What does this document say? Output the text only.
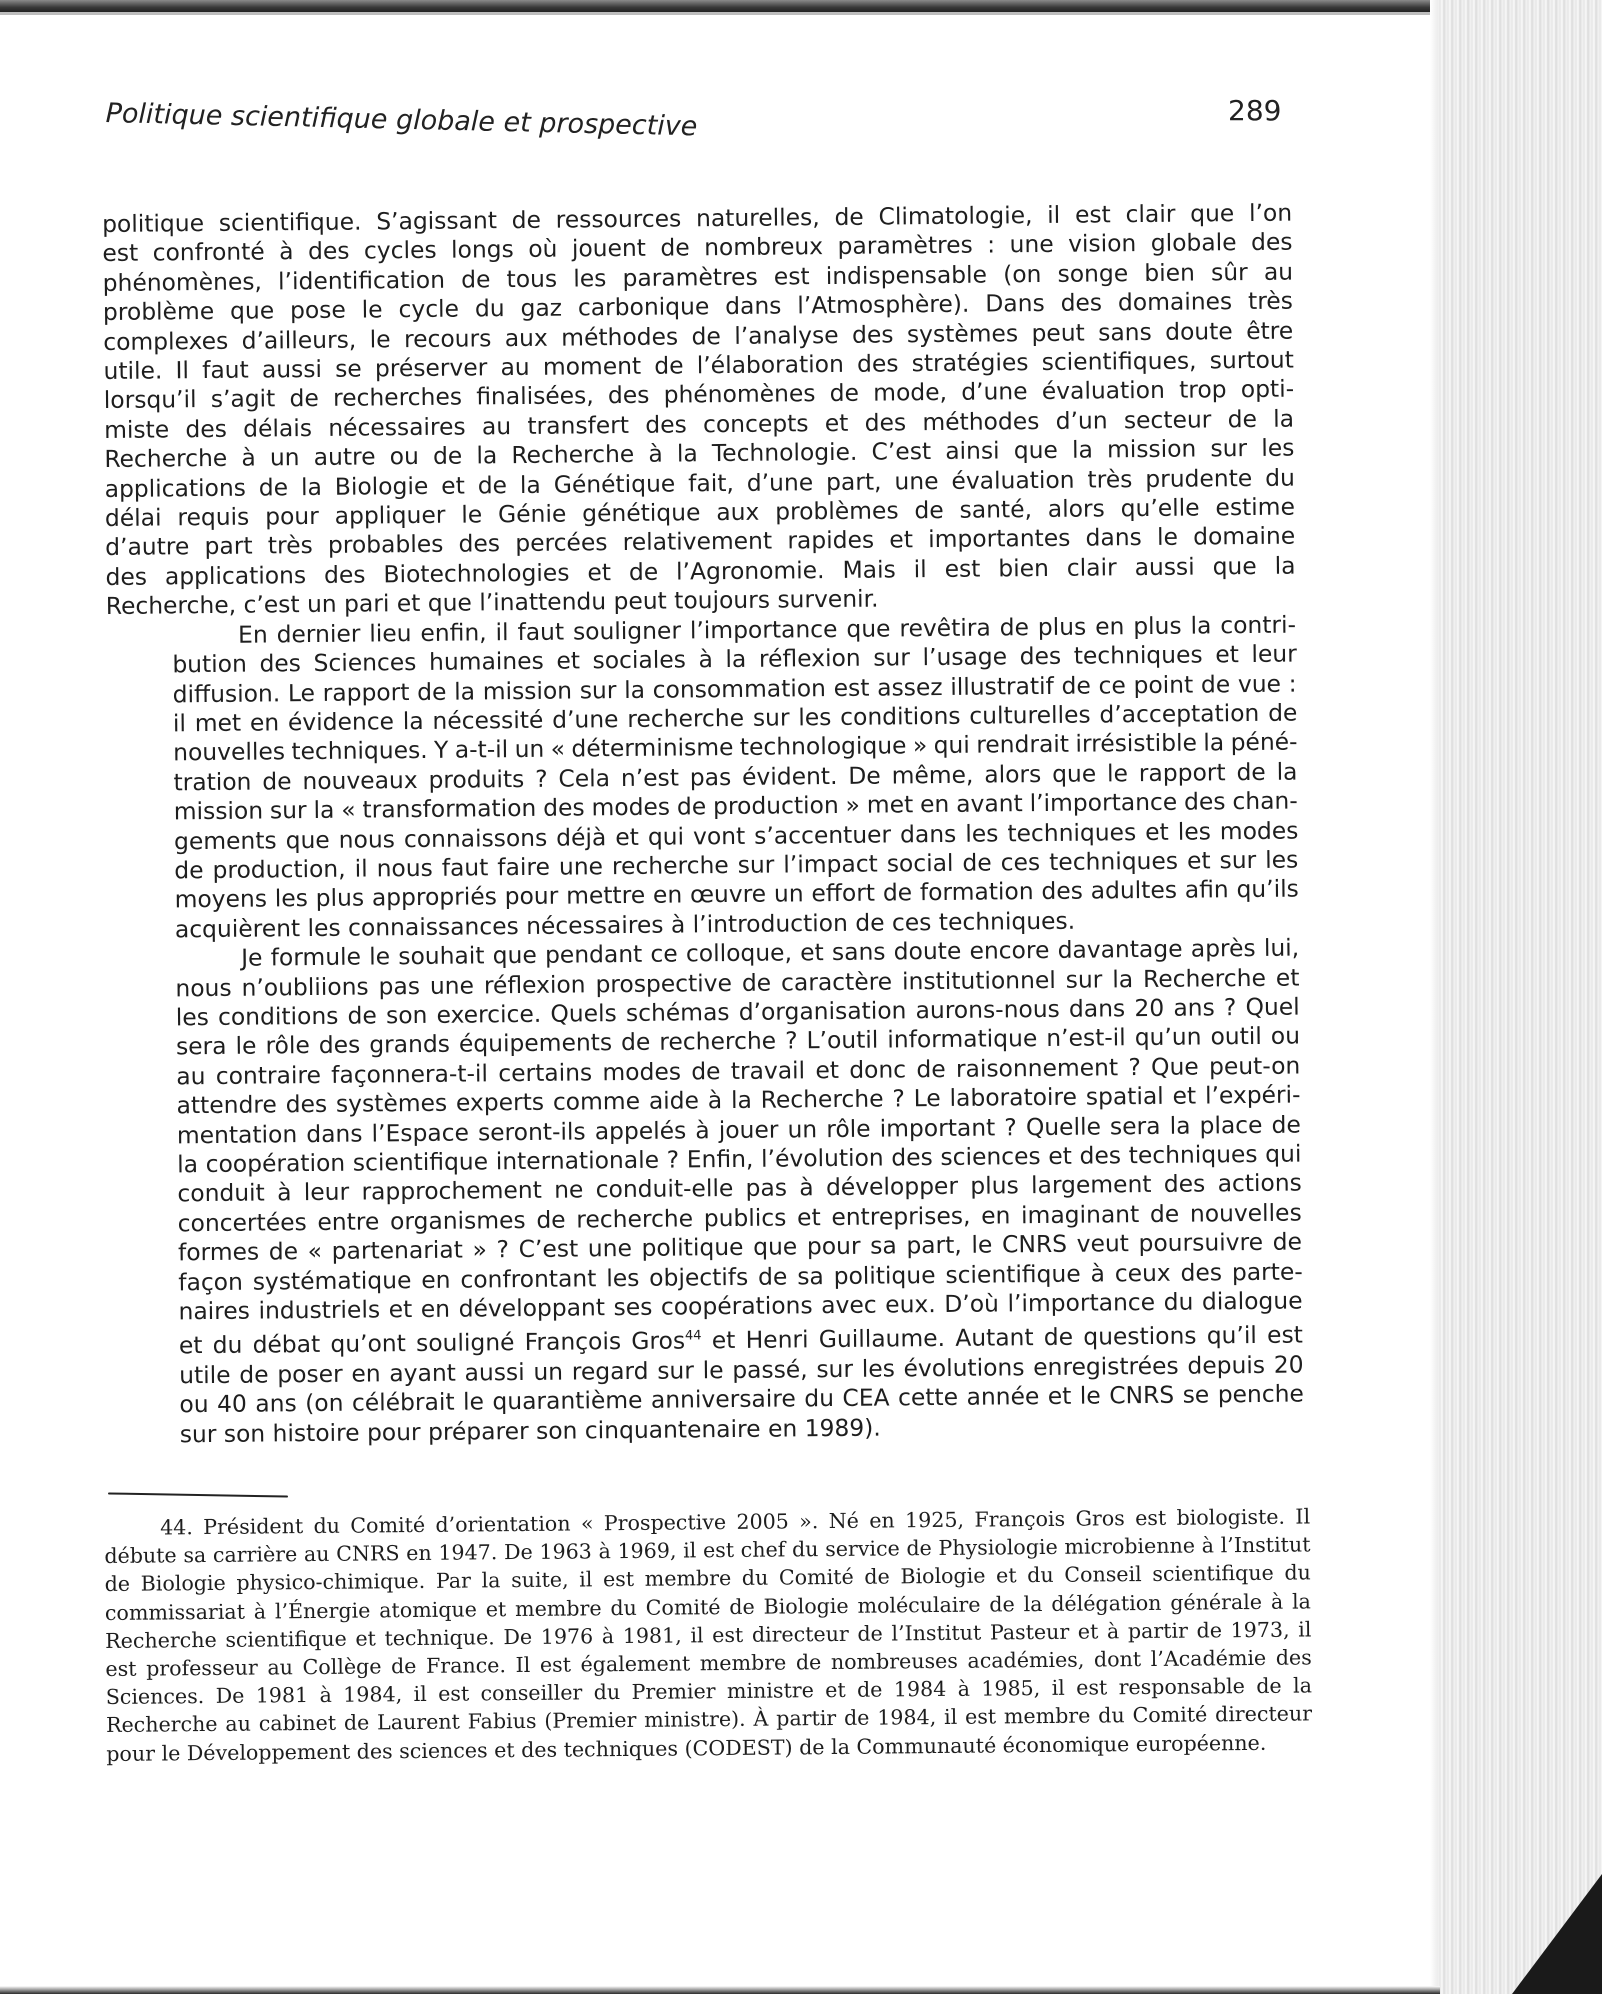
Politique scientifique globale et prospective	289

politique scientifique. S’agissant de ressources naturelles, de Climatologie, il est clair que l’on
est confronté à des cycles longs où jouent de nombreux paramètres : une vision globale des
phénomènes, l’identification de tous les paramètres est indispensable (on songe bien sûr au
problème que pose le cycle du gaz carbonique dans l’Atmosphère). Dans des domaines très
complexes d’ailleurs, le recours aux méthodes de l’analyse des systèmes peut sans doute être
utile. Il faut aussi se préserver au moment de l’élaboration des stratégies scientifiques, surtout
lorsqu’il s’agit de recherches finalisées, des phénomènes de mode, d’une évaluation trop opti-
miste des délais nécessaires au transfert des concepts et des méthodes d’un secteur de la
Recherche à un autre ou de la Recherche à la Technologie. C’est ainsi que la mission sur les
applications de la Biologie et de la Génétique fait, d’une part, une évaluation très prudente du
délai requis pour appliquer le Génie génétique aux problèmes de santé, alors qu’elle estime
d’autre part très probables des percées relativement rapides et importantes dans le domaine
des applications des Biotechnologies et de l’Agronomie. Mais il est bien clair aussi que la
Recherche, c’est un pari et que l’inattendu peut toujours survenir.

En dernier lieu enfin, il faut souligner l’importance que revêtira de plus en plus la contri-
bution des Sciences humaines et sociales à la réflexion sur l’usage des techniques et leur
diffusion. Le rapport de la mission sur la consommation est assez illustratif de ce point de vue :
il met en évidence la nécessité d’une recherche sur les conditions culturelles d’acceptation de
nouvelles techniques. Y a-t-il un « déterminisme technologique » qui rendrait irrésistible la péné-
tration de nouveaux produits ? Cela n’est pas évident. De même, alors que le rapport de la
mission sur la « transformation des modes de production » met en avant l’importance des chan-
gements que nous connaissons déjà et qui vont s’accentuer dans les techniques et les modes
de production, il nous faut faire une recherche sur l’impact social de ces techniques et sur les
moyens les plus appropriés pour mettre en œuvre un effort de formation des adultes afin qu’ils
acquièrent les connaissances nécessaires à l’introduction de ces techniques.

Je formule le souhait que pendant ce colloque, et sans doute encore davantage après lui,
nous n’oubliions pas une réflexion prospective de caractère institutionnel sur la Recherche et
les conditions de son exercice. Quels schémas d’organisation aurons-nous dans 20 ans ? Quel
sera le rôle des grands équipements de recherche ? L’outil informatique n’est-il qu’un outil ou
au contraire façonnera-t-il certains modes de travail et donc de raisonnement ? Que peut-on
attendre des systèmes experts comme aide à la Recherche ? Le laboratoire spatial et l’expéri-
mentation dans l’Espace seront-ils appelés à jouer un rôle important ? Quelle sera la place de
la coopération scientifique internationale ? Enfin, l’évolution des sciences et des techniques qui
conduit à leur rapprochement ne conduit-elle pas à développer plus largement des actions
concertées entre organismes de recherche publics et entreprises, en imaginant de nouvelles
formes de « partenariat » ? C’est une politique que pour sa part, le CNRS veut poursuivre de
façon systématique en confrontant les objectifs de sa politique scientifique à ceux des parte-
naires industriels et en développant ses coopérations avec eux. D’où l’importance du dialogue
et du débat qu’ont souligné François Gros$^{44}$ et Henri Guillaume. Autant de questions qu’il est
utile de poser en ayant aussi un regard sur le passé, sur les évolutions enregistrées depuis 20
ou 40 ans (on célébrait le quarantième anniversaire du CEA cette année et le CNRS se penche
sur son histoire pour préparer son cinquantenaire en 1989).

44. Président du Comité d’orientation « Prospective 2005 ». Né en 1925, François Gros est biologiste. Il
débute sa carrière au CNRS en 1947. De 1963 à 1969, il est chef du service de Physiologie microbienne à l’Institut
de Biologie physico-chimique. Par la suite, il est membre du Comité de Biologie et du Conseil scientifique du
commissariat à l’Énergie atomique et membre du Comité de Biologie moléculaire de la délégation générale à la
Recherche scientifique et technique. De 1976 à 1981, il est directeur de l’Institut Pasteur et à partir de 1973, il
est professeur au Collège de France. Il est également membre de nombreuses académies, dont l’Académie des
Sciences. De 1981 à 1984, il est conseiller du Premier ministre et de 1984 à 1985, il est responsable de la
Recherche au cabinet de Laurent Fabius (Premier ministre). À partir de 1984, il est membre du Comité directeur
pour le Développement des sciences et des techniques (CODEST) de la Communauté économique européenne.
